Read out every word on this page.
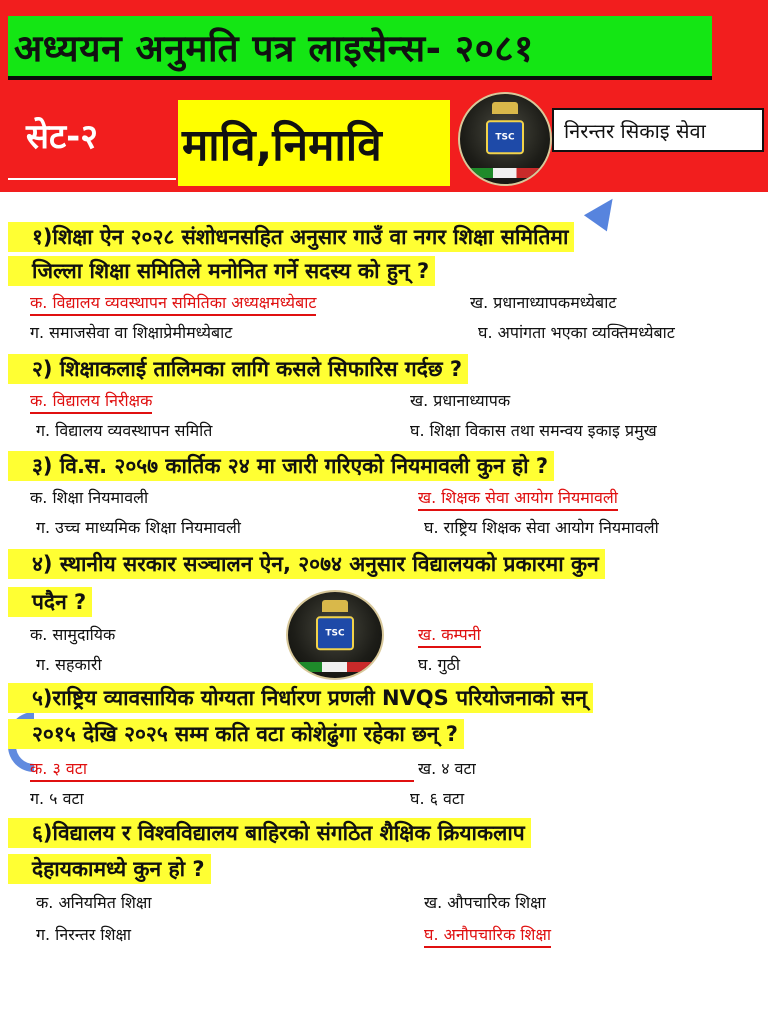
अध्ययन अनुमति पत्र लाइसेन्स- २०८१
सेट-२ मावि,निमावि	TSC	निरन्तर सिकाइ सेवा
TSC
१)शिक्षा ऐन २०२८ संशोधनसहित अनुसार गाउँ वा नगर शिक्षा समितिमा
जिल्ला शिक्षा समितिले मनोनित गर्ने सदस्य को हुन् ?
क. विद्यालय व्यवस्थापन समितिका अध्यक्षमध्येबाट	ख. प्रधानाध्यापकमध्येबाट
ग. समाजसेवा वा शिक्षाप्रेमीमध्येबाट	घ. अपांगता भएका व्यक्तिमध्येबाट
२) शिक्षाकलाई तालिमका लागि कसले सिफारिस गर्दछ ?
क. विद्यालय निरीक्षक	ख. प्रधानाध्यापक
ग. विद्यालय व्यवस्थापन समिति	घ. शिक्षा विकास तथा समन्वय इकाइ प्रमुख
३) वि.स. २०५७ कार्तिक २४ मा जारी गरिएको नियमावली कुन हो ?
क. शिक्षा नियमावली	ख. शिक्षक सेवा आयोग नियमावली
ग. उच्च माध्यमिक शिक्षा नियमावली	घ. राष्ट्रिय शिक्षक सेवा आयोग नियमावली
४) स्थानीय सरकार सञ्चालन ऐन, २०७४ अनुसार विद्यालयको प्रकारमा कुन
पदैन ?
क. सामुदायिक	ख. कम्पनी
ग. सहकारी	घ. गुठी
५)राष्ट्रिय व्यावसायिक योग्यता निर्धारण प्रणली NVQS परियोजनाको सन्
२०१५ देखि २०२५ सम्म कति वटा कोशेढुंगा रहेका छन् ?
क. ३ वटा	ख. ४ वटा
ग. ५ वटा	घ. ६ वटा
६)विद्यालय र विश्वविद्यालय बाहिरको संगठित शैक्षिक क्रियाकलाप
देहायकामध्ये कुन हो ?
क. अनियमित शिक्षा	ख. औपचारिक शिक्षा
ग. निरन्तर शिक्षा	घ. अनौपचारिक शिक्षा
